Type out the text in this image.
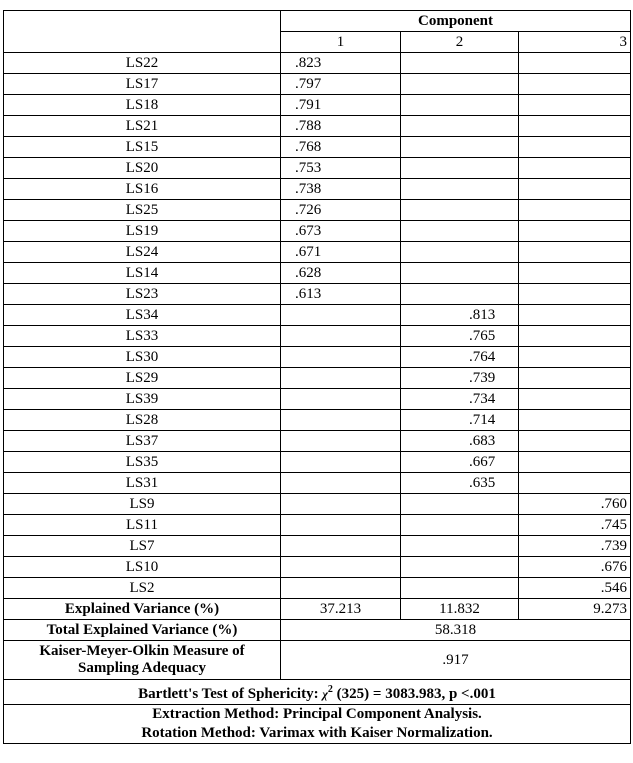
	Component		
	1	2	3
LS22	.823		
LS17	.797		
LS18	.791		
LS21	.788		
LS15	.768		
LS20	.753		
LS16	.738		
LS25	.726		
LS19	.673		
LS24	.671		
LS14	.628		
LS23	.613		
LS34		.813	
LS33		.765	
LS30		.764	
LS29		.739	
LS39		.734	
LS28		.714	
LS37		.683	
LS35		.667	
LS31		.635	
LS9			.760
LS11			.745
LS7			.739
LS10			.676
LS2			.546
Explained Variance (%)	37.213	11.832	9.273
Total Explained Variance (%)	58.318		
Kaiser-Meyer-Olkin Measure of Sampling Adequacy	.917		
Bartlett's Test of Sphericity: $\chi^2$ (325) = 3083.983, p <.001			

Extraction Method: Principal Component Analysis.
Rotation Method: Varimax with Kaiser Normalization.			
